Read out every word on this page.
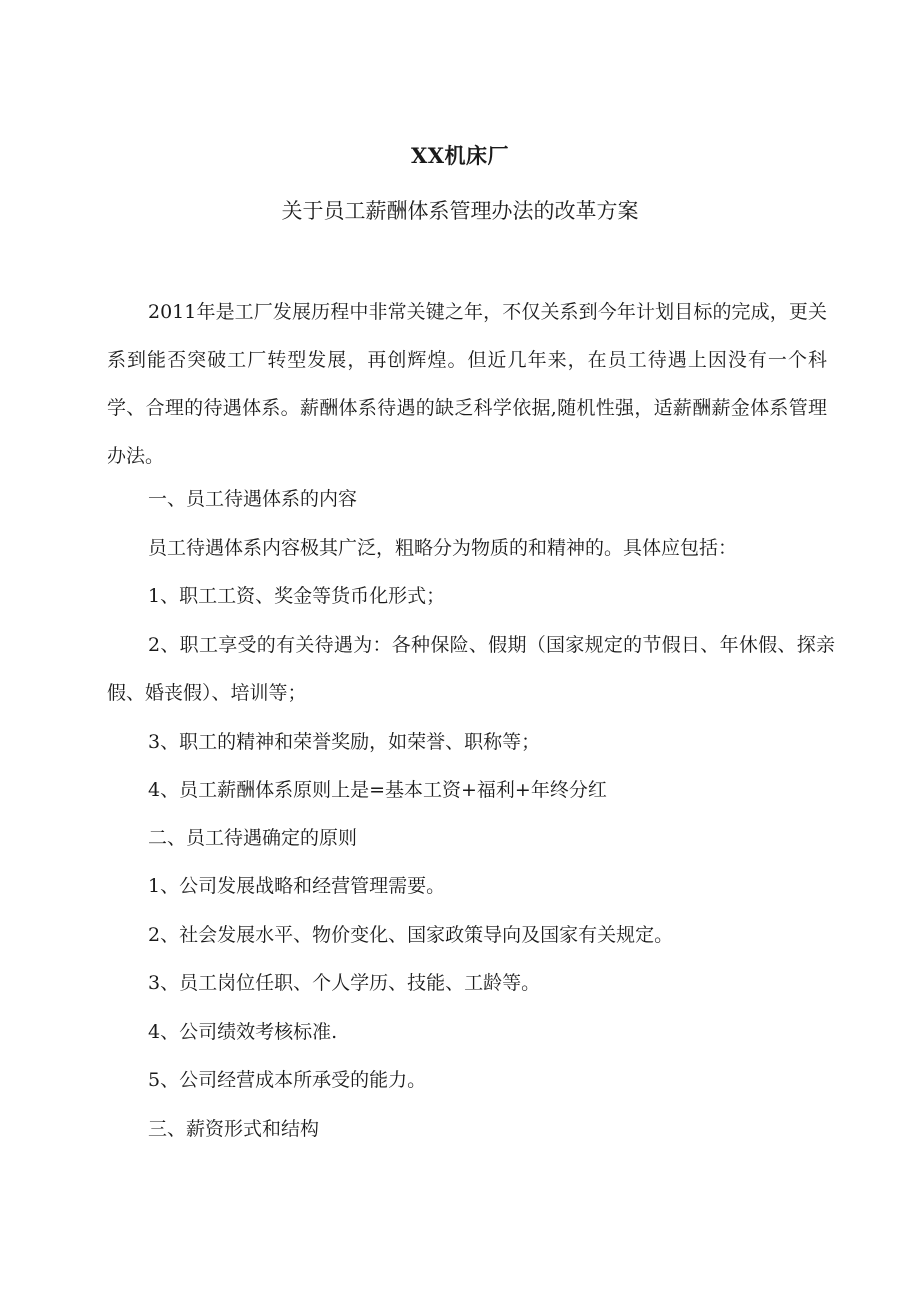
XX机床厂
关于员工薪酬体系管理办法的改革方案

2011年是工厂发展历程中非常关键之年，不仅关系到今年计划目标的完成，更关系到能否突破工厂转型发展，再创辉煌。但近几年来，在员工待遇上因没有一个科学、合理的待遇体系。薪酬体系待遇的缺乏科学依据,随机性强，适薪酬薪金体系管理办法。

一、员工待遇体系的内容
员工待遇体系内容极其广泛，粗略分为物质的和精神的。具体应包括：
1、职工工资、奖金等货币化形式；

2、职工享受的有关待遇为：各种保险、假期（国家规定的节假日、年休假、探亲假、婚丧假）、培训等；

3、职工的精神和荣誉奖励，如荣誉、职称等；
4、员工薪酬体系原则上是=基本工资+福利+年终分红
二、员工待遇确定的原则
1、公司发展战略和经营管理需要。
2、社会发展水平、物价变化、国家政策导向及国家有关规定。
3、员工岗位任职、个人学历、技能、工龄等。
4、公司绩效考核标准.
5、公司经营成本所承受的能力。
三、薪资形式和结构
